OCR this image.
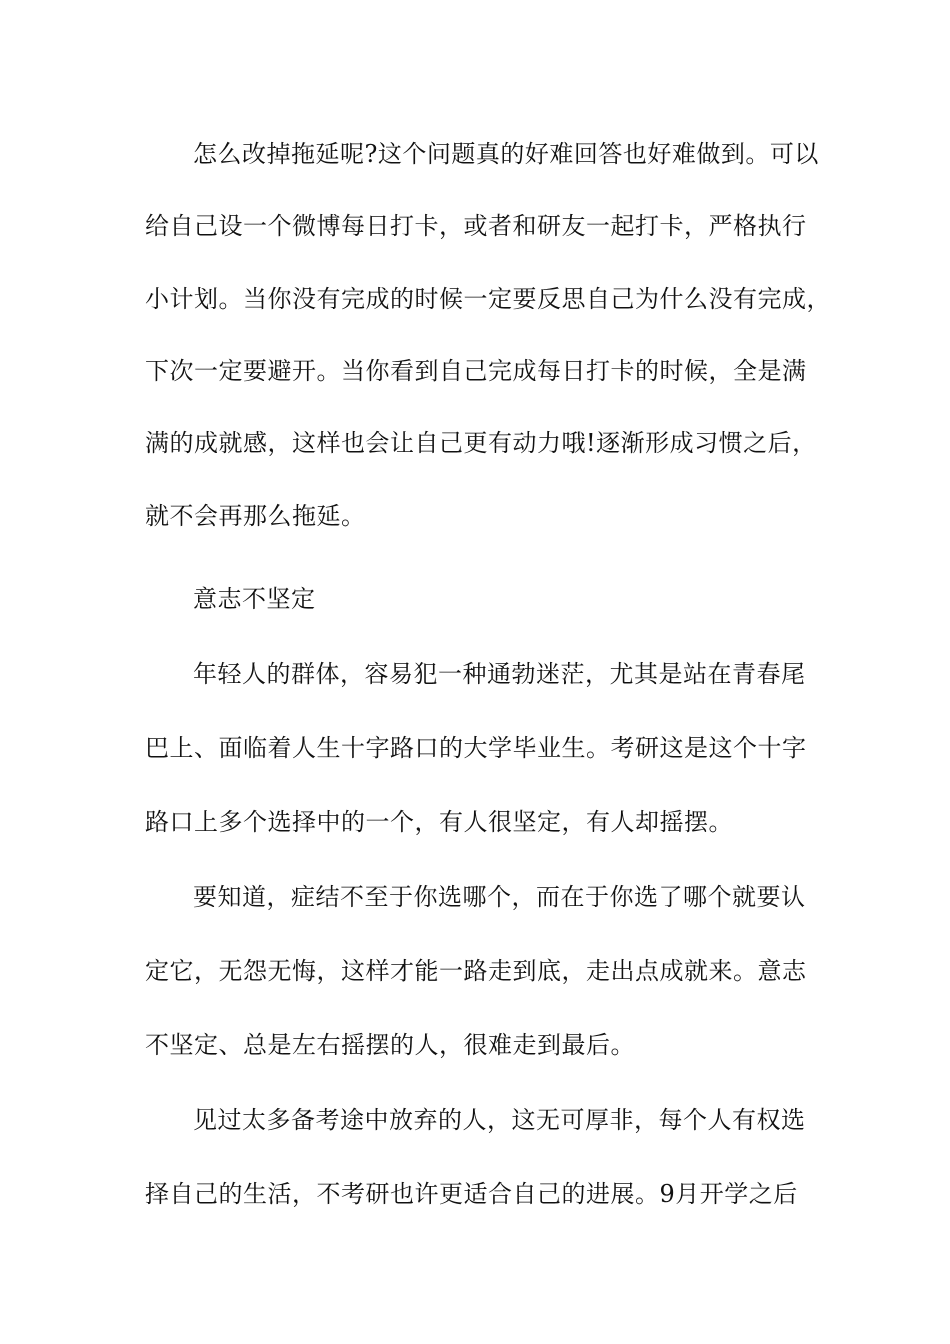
怎么改掉拖延呢?这个问题真的好难回答也好难做到。可以
给自己设一个微博每日打卡，或者和研友一起打卡，严格执行
小计划。当你没有完成的时候一定要反思自己为什么没有完成，
下次一定要避开。当你看到自己完成每日打卡的时候，全是满
满的成就感，这样也会让自己更有动力哦!逐渐形成习惯之后，
就不会再那么拖延。
意志不坚定
年轻人的群体，容易犯一种通勃迷茫，尤其是站在青春尾
巴上、面临着人生十字路口的大学毕业生。考研这是这个十字
路口上多个选择中的一个，有人很坚定，有人却摇摆。
要知道，症结不至于你选哪个，而在于你选了哪个就要认
定它，无怨无悔，这样才能一路走到底，走出点成就来。意志
不坚定、总是左右摇摆的人，很难走到最后。
见过太多备考途中放弃的人，这无可厚非，每个人有权选
择自己的生活，不考研也许更适合自己的进展。9月开学之后
